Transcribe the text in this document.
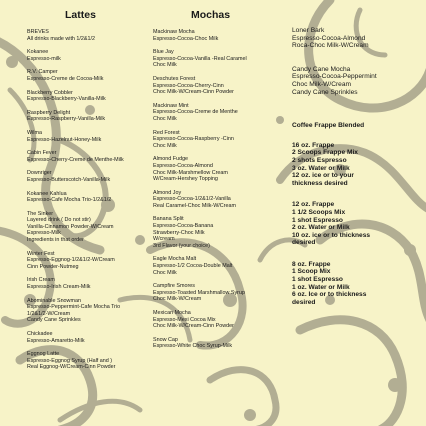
Lattes
BREVES
All drinks made with 1/2&1/2
Kokanee
Espresso-milk
R.V. Camper
Espresso-Creme de Cocoa-Milk
Blackberry Cobbler
Espresso-Blackberry-Vanilla-Milk
Raspberry Delight
Espresso-Raspberry-Vanilla-Milk
Wilma
Espresso-Hazelnut-Honey-Milk
Cabin Fever
Espresso-Cherry-Creme de Menthe-Milk
Downriger
Espresso-Butterscotch-Vanilla-Milk
Kokanee Kahlua
Espresso-Cafe Mocha Trio-1/2&1/2
The Sinker
Layered drink ( Do not stir)
Vanilla-Cinnamon Powder-W/Cream
Espresso-Milk
Ingredients in that order
Winter Fest
Espresso-Eggnog-1/2&1/2-W/Cream
Cinn Powder-Nutmeg
Irish Cream
Espresso-Irish Cream-Milk
Abominable Snowman
Espresso-Peppermint-Cafe Mocha Trio
1/2&1/2-W/Cream
Candy Cane Sprinkles
Chickadee
Espresso-Amaretto-Milk
Eggnog Latte
Espresso-Eggnog Syrup (Half and )
Real Eggnog-W/Cream-Cinn Powder
Mochas
Mackinaw Mocha
Espresso-Cocoa-Choc Milk
Blue Jay
Espresso-Cocoa-Vanilla -Real Caramel
Choc Milk
Deschutes Forest
Espresso-Cocoa-Cherry-Cinn
Choc Milk-W/Cream-Cinn Powder
Mackinaw Mint
Espresso-Cocoa-Creme de Menthe
Choc Milk
Red Forest
Espresso-Cocoa-Raspberry -Cinn
Choc Milk
Almond Fudge
Espresso-Cocoa-Almond
Choc Milk-Marshmellow Cream
W/Cream-Hershey Topping
Almond Joy
Espresso-Cocoa-1/2&1/2-Vanilla
Real Caramel-Choc Milk-W/Cream
Banana Split
Espresso-Cocoa-Banana
Strawberry-Choc Milk
W/cream
3rd Flavor (your choice)
Eagle Mocha Malt
Espresso-1/2 Cocoa-Double Malt
Choc Milk
Campfire Smores
Espresso-Toasted Marshmallow Syrup
Choc Milk-W/Cream
Mexican Mocha
Espresso-Mexi Cocoa Mix
Choc Milk-W/Cream-Cinn Powder
Snow Cap
Espresso-White Choc Syrup-Milk
Loner Bark
Espresso-Cocoa-Almond
Roca-Choc Milk-W/Cream
Candy Cane Mocha
Espresso-Cocoa-Peppermint
Choc Milk-W/Cream
Candy Cane Sprinkles
Coffee Frappe Blended
16 oz. Frappe
2 Scoops Frappe Mix
2 shots Espresso
3 oz. Water or Milk
12 oz. ice or to your
thickness desired
12 oz. Frappe
1 1/2 Scoops Mix
1 shot Espresso
2 oz. Water or Milk
10 oz. ice or to thickness
desired
8 oz. Frappe
1 Scoop Mix
1 shot Espresso
1 oz. Water or Milk
6 oz. Ice or to thickness
desired
